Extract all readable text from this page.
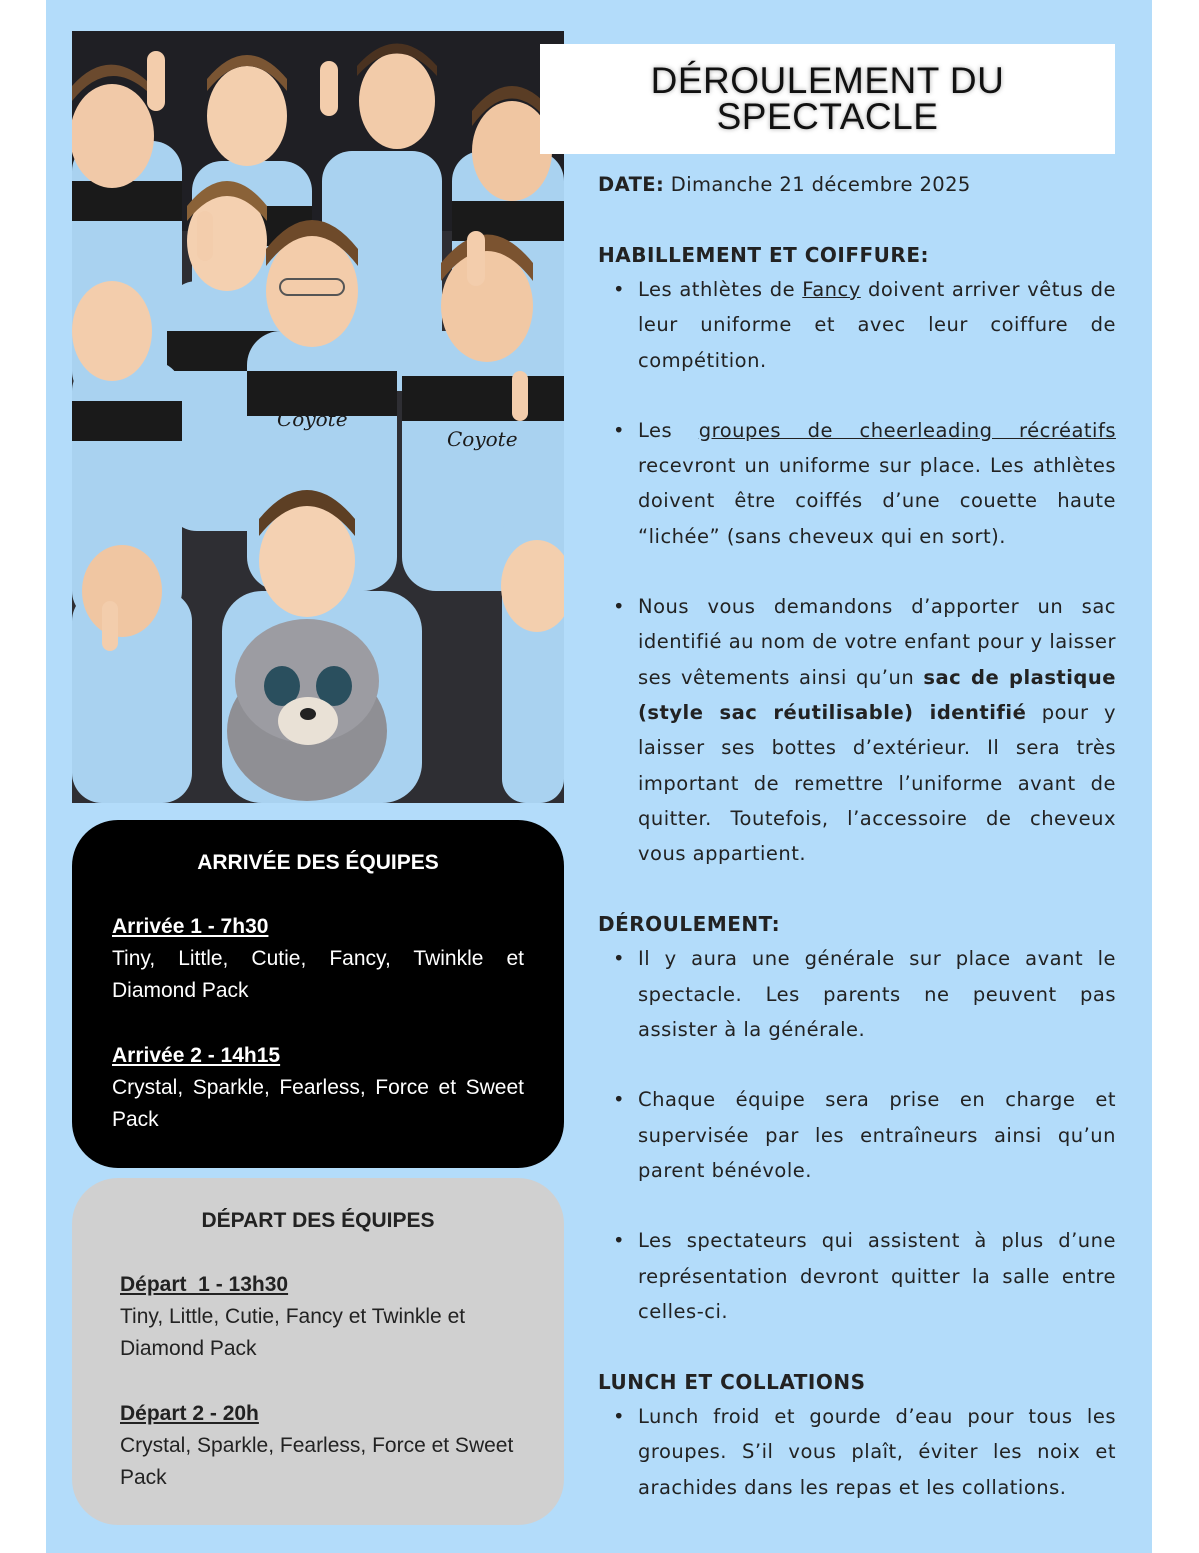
Coyote
Coyote
DÉROULEMENT DU
SPECTACLE

DATE: Dimanche 21 décembre 2025

HABILLEMENT ET COIFFURE:

• Les athlètes de Fancy doivent arriver vêtus de leur uniforme et avec leur coiffure de compétition.
• Les groupes de cheerleading récréatifs recevront un uniforme sur place. Les athlètes doivent être coiffés d’une couette haute “lichée” (sans cheveux qui en sort).
• Nous vous demandons d’apporter un sac identifié au nom de votre enfant pour y laisser ses vêtements ainsi qu’un sac de plastique (style sac réutilisable) identifié pour y laisser ses bottes d’extérieur. Il sera très important de remettre l’uniforme avant de quitter. Toutefois, l’accessoire de cheveux vous appartient.

DÉROULEMENT:

• Il y aura une générale sur place avant le spectacle. Les parents ne peuvent pas assister à la générale.
• Chaque équipe sera prise en charge et supervisée par les entraîneurs ainsi qu’un parent bénévole.
• Les spectateurs qui assistent à plus d’une représentation devront quitter la salle entre celles-ci.

LUNCH ET COLLATIONS

• Lunch froid et gourde d’eau pour tous les groupes. S’il vous plaît, éviter les noix et arachides dans les repas et les collations.
ARRIVÉE DES ÉQUIPES

Arrivée 1 - 7h30

Tiny, Little, Cutie, Fancy, Twinkle et Diamond Pack

Arrivée 2 - 14h15

Crystal, Sparkle, Fearless, Force et Sweet Pack

DÉPART DES ÉQUIPES

Départ  1 - 13h30

Tiny, Little, Cutie, Fancy et Twinkle et Diamond Pack

Départ 2 - 20h

Crystal, Sparkle, Fearless, Force et Sweet Pack
